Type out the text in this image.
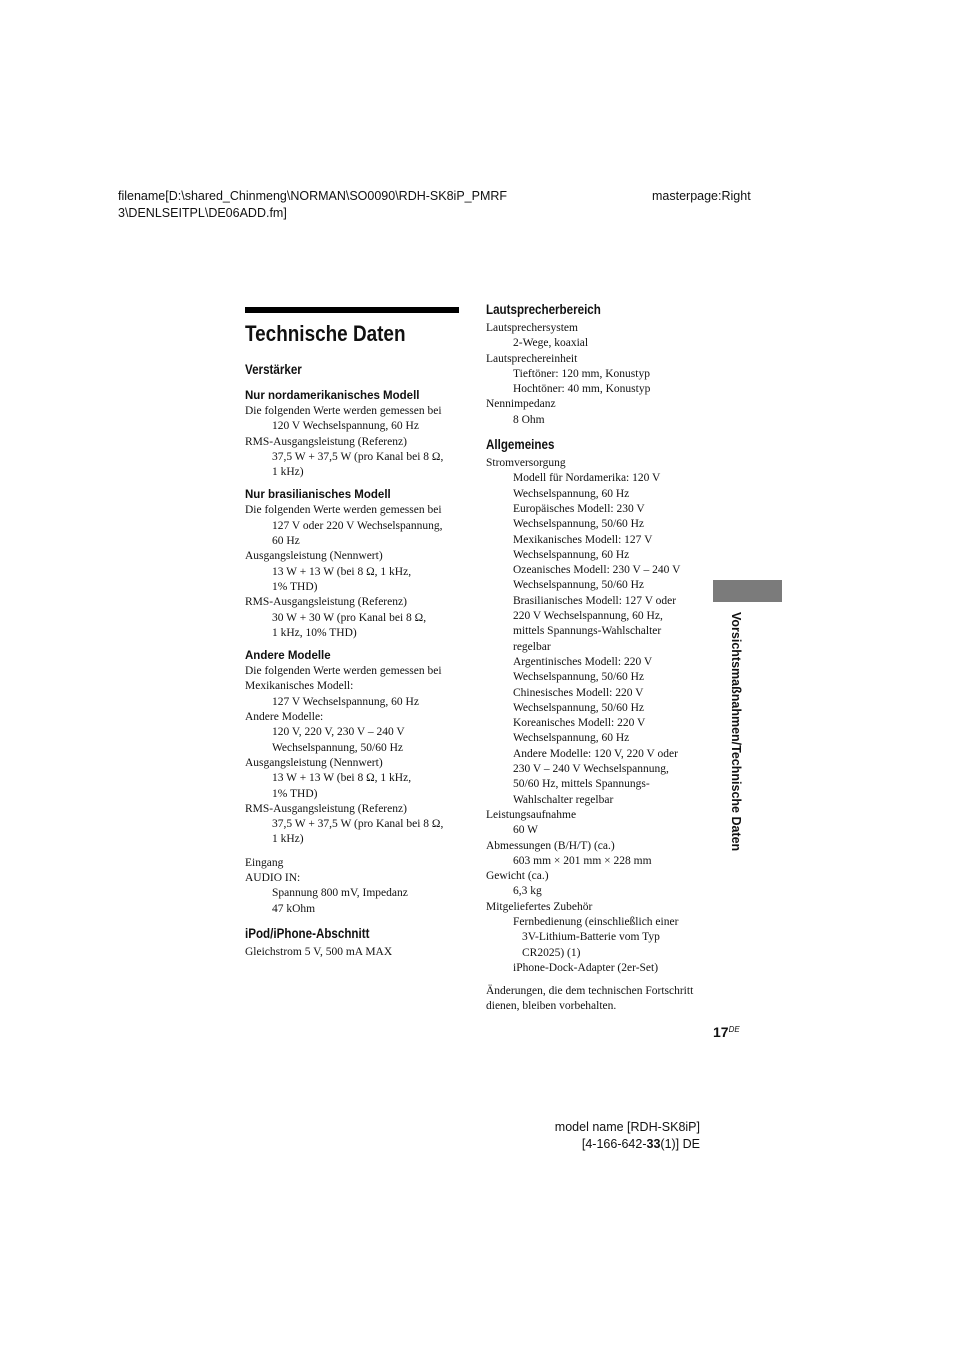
filename[D:\shared_Chinmeng\NORMAN\SO0090\RDH-SK8iP_PMRF
3\DENLSEITPL\DE06ADD.fm]
masterpage:Right
Technische Daten
Verstärker
Nur nordamerikanisches Modell
Die folgenden Werte werden gemessen bei
120 V Wechselspannung, 60 Hz
RMS-Ausgangsleistung (Referenz)
37,5 W + 37,5 W (pro Kanal bei 8 Ω,
1 kHz)
Nur brasilianisches Modell
Die folgenden Werte werden gemessen bei
127 V oder 220 V Wechselspannung,
60 Hz
Ausgangsleistung (Nennwert)
13 W + 13 W (bei 8 Ω, 1 kHz,
1% THD)
RMS-Ausgangsleistung (Referenz)
30 W + 30 W (pro Kanal bei 8 Ω,
1 kHz, 10% THD)
Andere Modelle
Die folgenden Werte werden gemessen bei
Mexikanisches Modell:
127 V Wechselspannung, 60 Hz
Andere Modelle:
120 V, 220 V, 230 V – 240 V
Wechselspannung, 50/60 Hz
Ausgangsleistung (Nennwert)
13 W + 13 W (bei 8 Ω, 1 kHz,
1% THD)
RMS-Ausgangsleistung (Referenz)
37,5 W + 37,5 W (pro Kanal bei 8 Ω,
1 kHz)
Eingang
AUDIO IN:
Spannung 800 mV, Impedanz
47 kOhm
iPod/iPhone-Abschnitt
Gleichstrom 5 V, 500 mA MAX
Lautsprecherbereich
Lautsprechersystem
2-Wege, koaxial
Lautsprechereinheit
Tieftöner: 120 mm, Konustyp
Hochtöner: 40 mm, Konustyp
Nennimpedanz
8 Ohm
Allgemeines
Stromversorgung
Modell für Nordamerika: 120 V
Wechselspannung, 60 Hz
Europäisches Modell: 230 V
Wechselspannung, 50/60 Hz
Mexikanisches Modell: 127 V
Wechselspannung, 60 Hz
Ozeanisches Modell: 230 V – 240 V
Wechselspannung, 50/60 Hz
Brasilianisches Modell: 127 V oder
220 V Wechselspannung, 60 Hz,
mittels Spannungs-Wahlschalter
regelbar
Argentinisches Modell: 220 V
Wechselspannung, 50/60 Hz
Chinesisches Modell: 220 V
Wechselspannung, 50/60 Hz
Koreanisches Modell: 220 V
Wechselspannung, 60 Hz
Andere Modelle: 120 V, 220 V oder
230 V – 240 V Wechselspannung,
50/60 Hz, mittels Spannungs-
Wahlschalter regelbar
Leistungsaufnahme
60 W
Abmessungen (B/H/T) (ca.)
603 mm × 201 mm × 228 mm
Gewicht (ca.)
6,3 kg
Mitgeliefertes Zubehör
Fernbedienung (einschließlich einer
3V-Lithium-Batterie vom Typ
CR2025) (1)
iPhone-Dock-Adapter (2er-Set)
Änderungen, die dem technischen Fortschritt
dienen, bleiben vorbehalten.
Vorsichtsmaßnahmen/Technische Daten
17DE
model name [RDH-SK8iP]
[4-166-642-33(1)] DE
